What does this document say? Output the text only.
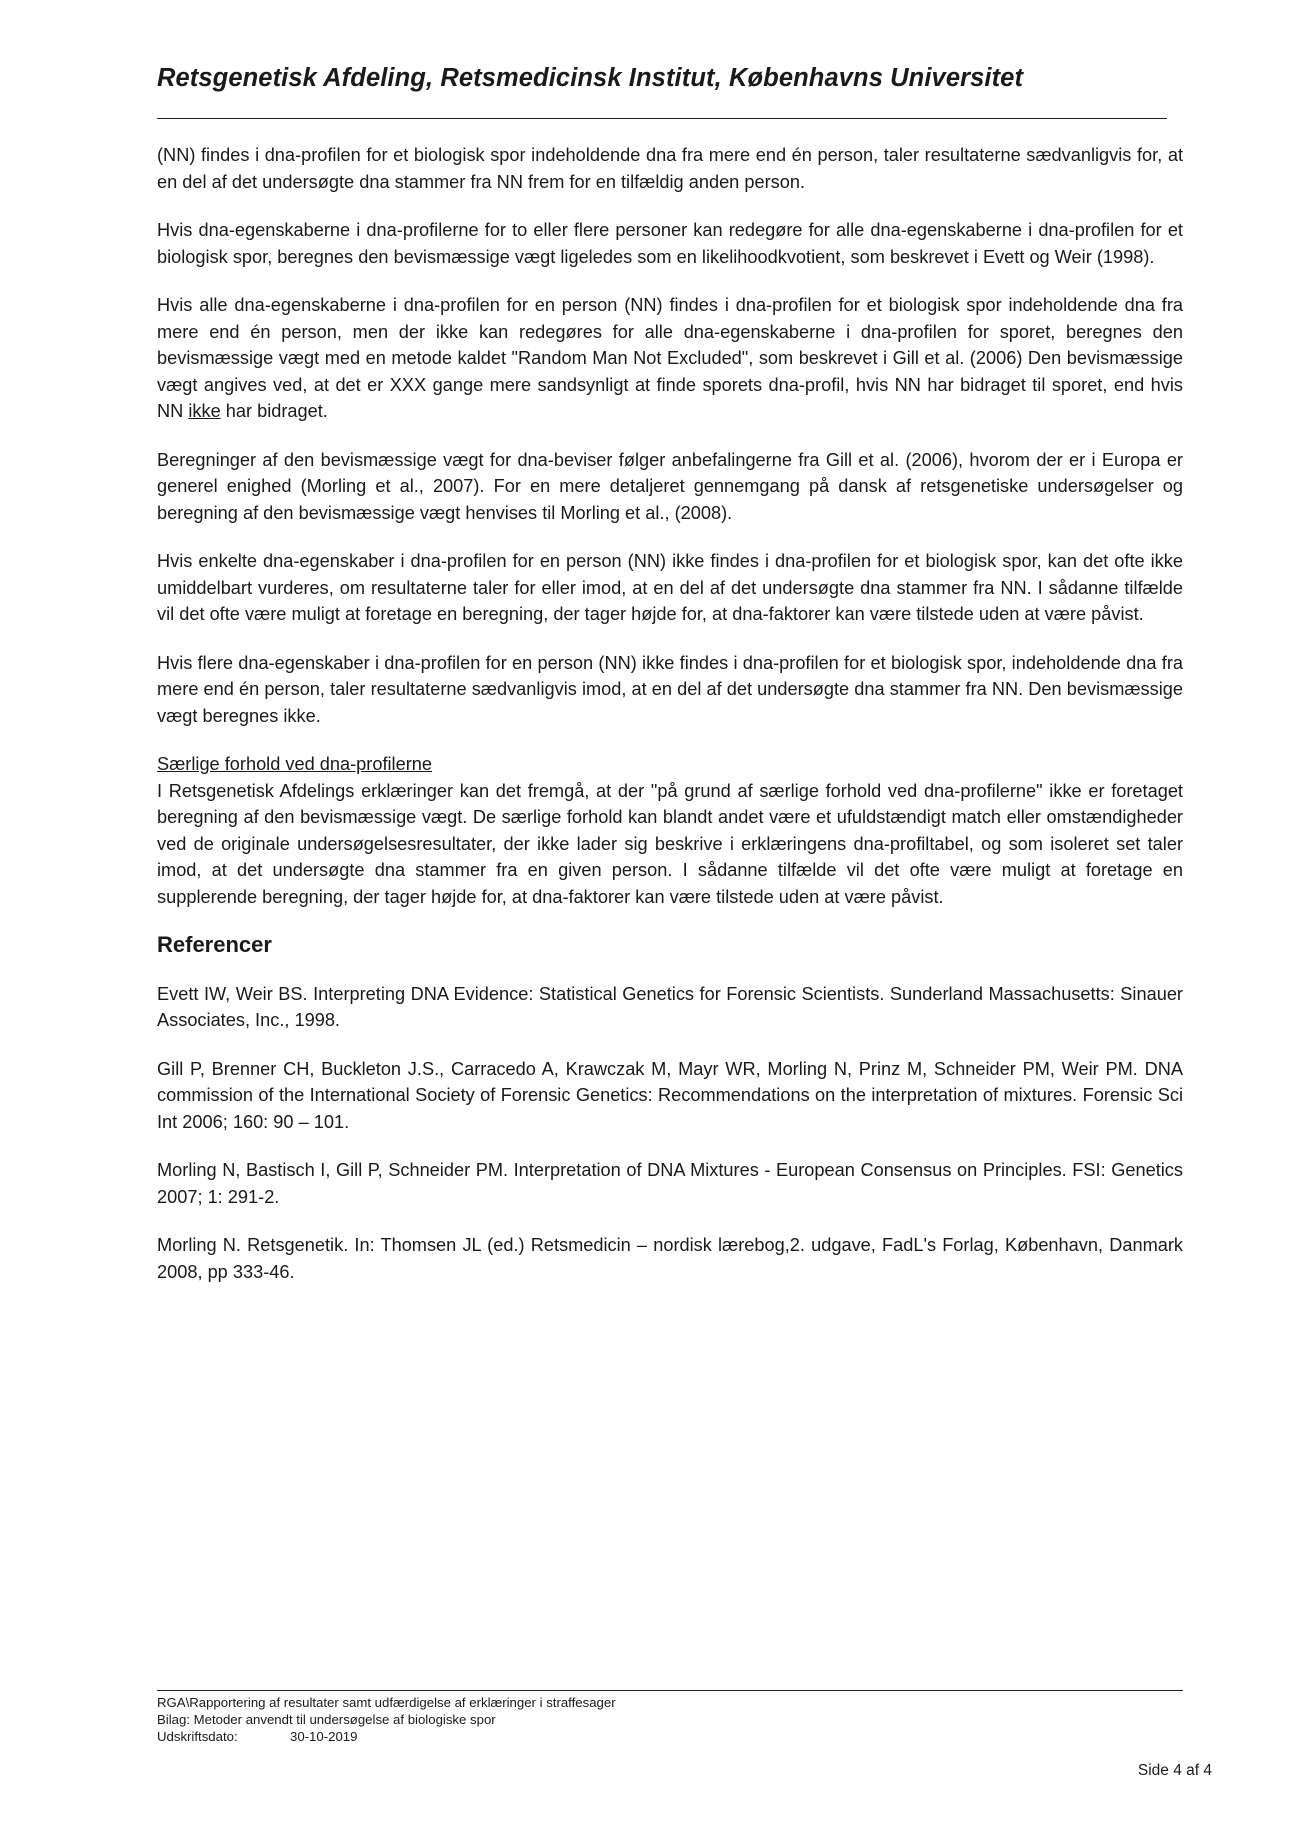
Retsgenetisk Afdeling, Retsmedicinsk Institut, Københavns Universitet

(NN) findes i dna-profilen for et biologisk spor indeholdende dna fra mere end én person, taler resultaterne sædvanligvis for, at en del af det undersøgte dna stammer fra NN frem for en tilfældig anden person.

Hvis dna-egenskaberne i dna-profilerne for to eller flere personer kan redegøre for alle dna-egenskaberne i dna-profilen for et biologisk spor, beregnes den bevismæssige vægt ligeledes som en likelihoodkvotient, som beskrevet i Evett og Weir (1998).

Hvis alle dna-egenskaberne i dna-profilen for en person (NN) findes i dna-profilen for et biologisk spor indeholdende dna fra mere end én person, men der ikke kan redegøres for alle dna-egenskaberne i dna-profilen for sporet, beregnes den bevismæssige vægt med en metode kaldet "Random Man Not Excluded", som beskrevet i Gill et al. (2006) Den bevismæssige vægt angives ved, at det er XXX gange mere sandsynligt at finde sporets dna-profil, hvis NN har bidraget til sporet, end hvis NN ikke har bidraget.

Beregninger af den bevismæssige vægt for dna-beviser følger anbefalingerne fra Gill et al. (2006), hvorom der er i Europa er generel enighed (Morling et al., 2007). For en mere detaljeret gennemgang på dansk af retsgenetiske undersøgelser og beregning af den bevismæssige vægt henvises til Morling et al., (2008).

Hvis enkelte dna-egenskaber i dna-profilen for en person (NN) ikke findes i dna-profilen for et biologisk spor, kan det ofte ikke umiddelbart vurderes, om resultaterne taler for eller imod, at en del af det undersøgte dna stammer fra NN. I sådanne tilfælde vil det ofte være muligt at foretage en beregning, der tager højde for, at dna-faktorer kan være tilstede uden at være påvist.

Hvis flere dna-egenskaber i dna-profilen for en person (NN) ikke findes i dna-profilen for et biologisk spor, indeholdende dna fra mere end én person, taler resultaterne sædvanligvis imod, at en del af det undersøgte dna stammer fra NN. Den bevismæssige vægt beregnes ikke.

Særlige forhold ved dna-profilerne
I Retsgenetisk Afdelings erklæringer kan det fremgå, at der "på grund af særlige forhold ved dna-profilerne" ikke er foretaget beregning af den bevismæssige vægt. De særlige forhold kan blandt andet være et ufuldstændigt match eller omstændigheder ved de originale undersøgelsesresultater, der ikke lader sig beskrive i erklæringens dna-profiltabel, og som isoleret set taler imod, at det undersøgte dna stammer fra en given person. I sådanne tilfælde vil det ofte være muligt at foretage en supplerende beregning, der tager højde for, at dna-faktorer kan være tilstede uden at være påvist.

Referencer

Evett IW, Weir BS. Interpreting DNA Evidence: Statistical Genetics for Forensic Scientists. Sunderland Massachusetts: Sinauer Associates, Inc., 1998.

Gill P, Brenner CH, Buckleton J.S., Carracedo A, Krawczak M, Mayr WR, Morling N, Prinz M, Schneider PM, Weir PM. DNA commission of the International Society of Forensic Genetics: Recommendations on the interpretation of mixtures. Forensic Sci Int 2006; 160: 90 – 101.

Morling N, Bastisch I, Gill P, Schneider PM. Interpretation of DNA Mixtures - European Consensus on Principles. FSI: Genetics 2007; 1: 291-2.

Morling N. Retsgenetik. In: Thomsen JL (ed.) Retsmedicin – nordisk lærebog,2. udgave, FadL's Forlag, København, Danmark 2008, pp 333-46.

RGA\Rapportering af resultater samt udfærdigelse af erklæringer i straffesager
Bilag: Metoder anvendt til undersøgelse af biologiske spor
Udskriftsdato:	30-10-2019
Side 4 af 4
